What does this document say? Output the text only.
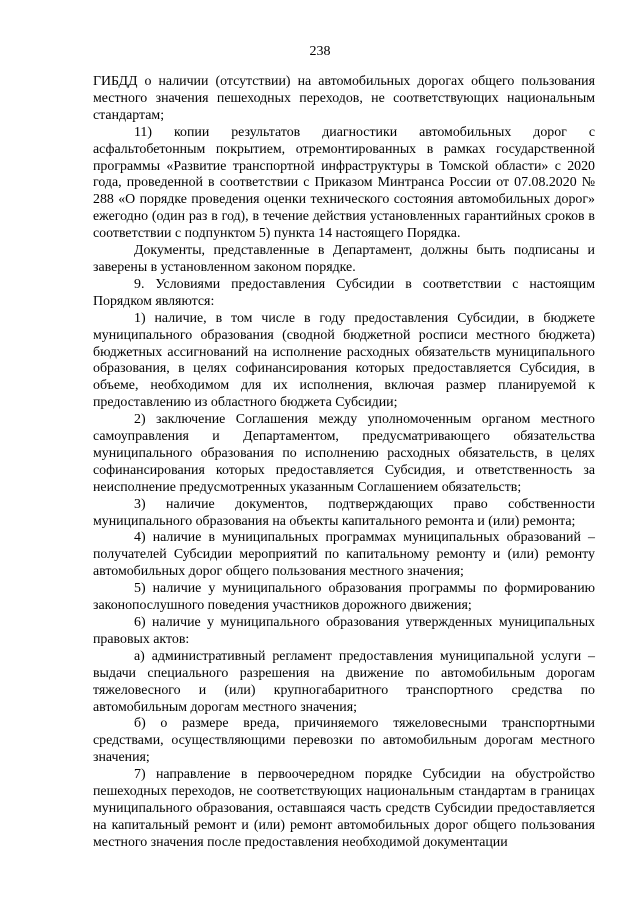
238

ГИБДД о наличии (отсутствии) на автомобильных дорогах общего пользования местного значения пешеходных переходов, не соответствующих национальным стандартам;

11) копии результатов диагностики автомобильных дорог с асфальтобетонным покрытием, отремонтированных в рамках государственной программы «Развитие транспортной инфраструктуры в Томской области» с 2020 года, проведенной в соответствии с Приказом Минтранса России от 07.08.2020 № 288 «О порядке проведения оценки технического состояния автомобильных дорог» ежегодно (один раз в год), в течение действия установленных гарантийных сроков в соответствии с подпунктом 5) пункта 14 настоящего Порядка.

Документы, представленные в Департамент, должны быть подписаны и заверены в установленном законом порядке.

9. Условиями предоставления Субсидии в соответствии с настоящим Порядком являются:

1) наличие, в том числе в году предоставления Субсидии, в бюджете муниципального образования (сводной бюджетной росписи местного бюджета) бюджетных ассигнований на исполнение расходных обязательств муниципального образования, в целях софинансирования которых предоставляется Субсидия, в объеме, необходимом для их исполнения, включая размер планируемой к предоставлению из областного бюджета Субсидии;

2) заключение Соглашения между уполномоченным органом местного самоуправления и Департаментом, предусматривающего обязательства муниципального образования по исполнению расходных обязательств, в целях софинансирования которых предоставляется Субсидия, и ответственность за неисполнение предусмотренных указанным Соглашением обязательств;

3) наличие документов, подтверждающих право собственности муниципального образования на объекты капитального ремонта и (или) ремонта;

4) наличие в муниципальных программах муниципальных образований – получателей Субсидии мероприятий по капитальному ремонту и (или) ремонту автомобильных дорог общего пользования местного значения;

5) наличие у муниципального образования программы по формированию законопослушного поведения участников дорожного движения;

6) наличие у муниципального образования утвержденных муниципальных правовых актов:

а) административный регламент предоставления муниципальной услуги – выдачи специального разрешения на движение по автомобильным дорогам тяжеловесного и (или) крупногабаритного транспортного средства по автомобильным дорогам местного значения;

б) о размере вреда, причиняемого тяжеловесными транспортными средствами, осуществляющими перевозки по автомобильным дорогам местного значения;

7) направление в первоочередном порядке Субсидии на обустройство пешеходных переходов, не соответствующих национальным стандартам в границах муниципального образования, оставшаяся часть средств Субсидии предоставляется на капитальный ремонт и (или) ремонт автомобильных дорог общего пользования местного значения после предоставления необходимой документации
